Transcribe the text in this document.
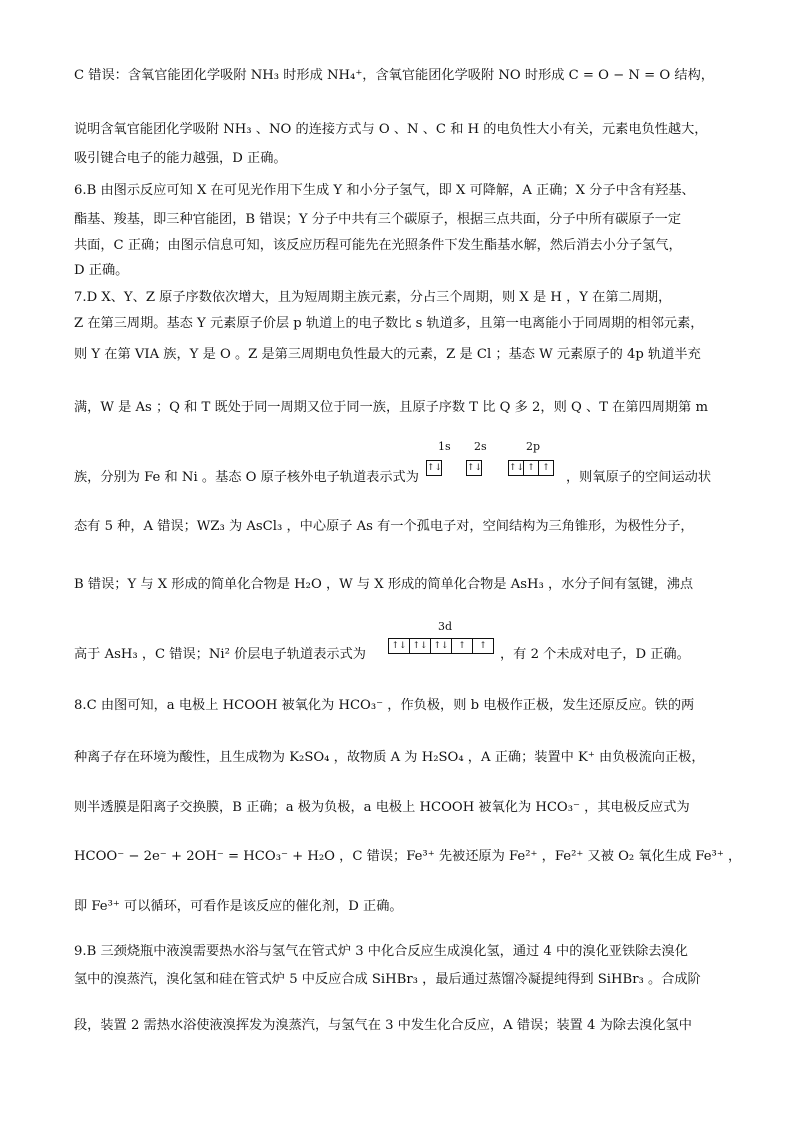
C 错误：含氧官能团化学吸附 NH₃ 时形成 NH₄⁺，含氧官能团化学吸附 NO 时形成 C = O − N = O 结构，
说明含氧官能团化学吸附 NH₃ 、NO 的连接方式与 O 、N 、C 和 H 的电负性大小有关，元素电负性越大，
吸引键合电子的能力越强，D 正确。
6.B 由图示反应可知 X 在可见光作用下生成 Y 和小分子氢气，即 X 可降解，A 正确；X 分子中含有羟基、
酯基、羧基，即三种官能团，B 错误；Y 分子中共有三个碳原子，根据三点共面，分子中所有碳原子一定
共面，C 正确；由图示信息可知，该反应历程可能先在光照条件下发生酯基水解，然后消去小分子氢气，
D 正确。
7.D X、Y、Z 原子序数依次增大，且为短周期主族元素，分占三个周期，则 X 是 H ，Y 在第二周期，
Z 在第三周期。基态 Y 元素原子价层 p 轨道上的电子数比 s 轨道多，且第一电离能小于同周期的相邻元素，
则 Y 在第 VIA 族，Y 是 O 。Z 是第三周期电负性最大的元素，Z 是 Cl ；基态 W 元素原子的 4p 轨道半充
满，W 是 As ；Q 和 T 既处于同一周期又位于同一族，且原子序数 T 比 Q 多 2，则 Q 、T 在第四周期第 m
族，分别为 Fe 和 Ni 。基态 O 原子核外电子轨道表示式为
态有 5 种，A 错误；WZ₃ 为 AsCl₃ ，中心原子 As 有一个孤电子对，空间结构为三角锥形，为极性分子，
B 错误；Y 与 X 形成的简单化合物是 H₂O ，W 与 X 形成的简单化合物是 AsH₃ ，水分子间有氢键，沸点
高于 AsH₃ ，C 错误；Ni² 价层电子轨道表示式为
8.C 由图可知，a 电极上 HCOOH 被氧化为 HCO₃⁻ ，作负极，则 b 电极作正极，发生还原反应。铁的两
种离子存在环境为酸性，且生成物为 K₂SO₄ ，故物质 A 为 H₂SO₄ ，A 正确；装置中 K⁺ 由负极流向正极，
则半透膜是阳离子交换膜，B 正确；a 极为负极，a 电极上 HCOOH 被氧化为 HCO₃⁻ ，其电极反应式为
HCOO⁻ − 2e⁻ + 2OH⁻ = HCO₃⁻ + H₂O ，C 错误；Fe³⁺ 先被还原为 Fe²⁺ ，Fe²⁺ 又被 O₂ 氧化生成 Fe³⁺ ，
即 Fe³⁺ 可以循环，可看作是该反应的催化剂，D 正确。
9.B 三颈烧瓶中液溴需要热水浴与氢气在管式炉 3 中化合反应生成溴化氢，通过 4 中的溴化亚铁除去溴化
氢中的溴蒸汽，溴化氢和硅在管式炉 5 中反应合成 SiHBr₃ ，最后通过蒸馏冷凝提纯得到 SiHBr₃ 。合成阶
段，装置 2 需热水浴使液溴挥发为溴蒸汽，与氢气在 3 中发生化合反应，A 错误；装置 4 为除去溴化氢中
1s 2s	2p
↑↓	↑↓	↑↓ ↑ ↑
，则氧原子的空间运动状
3d
↑↓ ↑↓ ↑↓	↑	↑
，有 2 个未成对电子，D 正确。
